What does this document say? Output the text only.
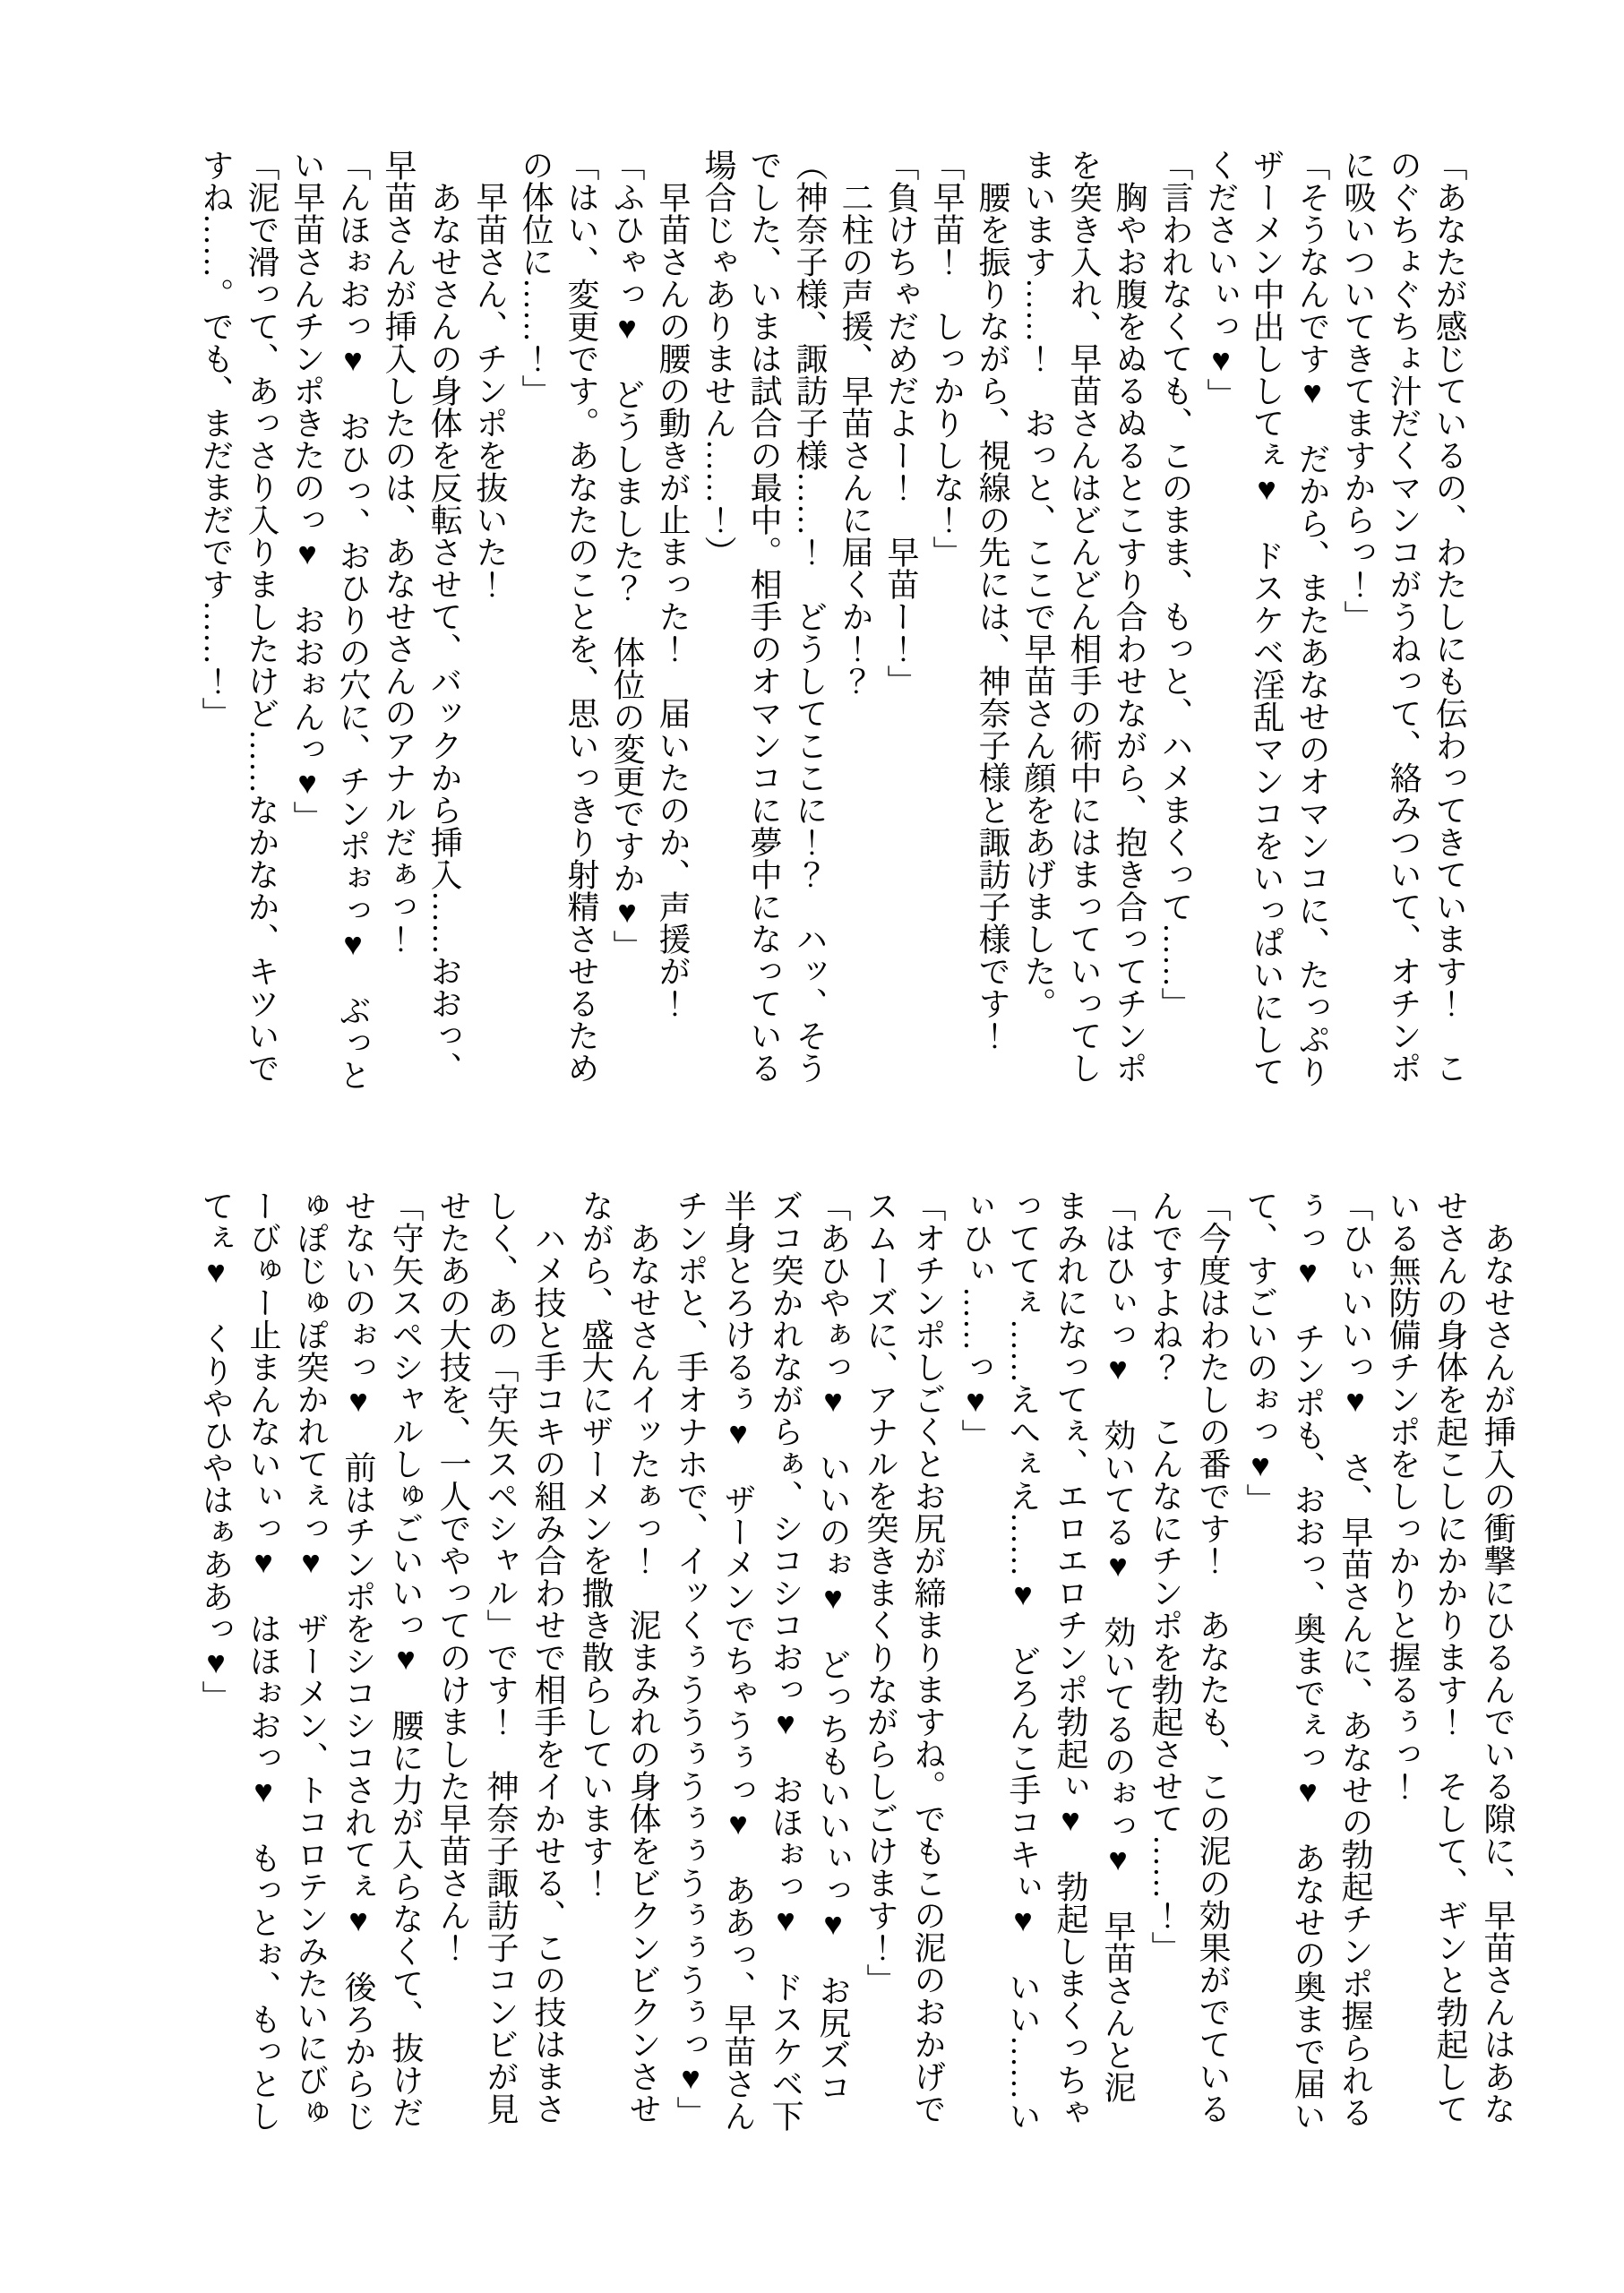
「あなたが感じているの、わたしにも伝わってきています！　このぐちょぐちょ汁だくマンコがうねって、絡みついて、オチンポに吸いついてきてますからっ！」

「そうなんです♥　だから、またあなせのオマンコに、たっぷりザーメン中出ししてぇ♥　ドスケベ淫乱マンコをいっぱいにしてくださいぃっ♥」

「言われなくても、このまま、もっと、ハメまくって……」

　胸やお腹をぬるぬるとこすり合わせながら、抱き合ってチンポを突き入れ、早苗さんはどんどん相手の術中にはまっていってしまいます……！　おっと、ここで早苗さん顔をあげました。

　腰を振りながら、視線の先には、神奈子様と諏訪子様です！

「早苗！　しっかりしな！」

「負けちゃだめだよー！　早苗ー！」

　二柱の声援、早苗さんに届くか！？

（神奈子様、諏訪子様……！　どうしてここに！？　ハッ、そうでした、いまは試合の最中。相手のオマンコに夢中になっている場合じゃありません……！）

　早苗さんの腰の動きが止まった！　届いたのか、声援が！

「ふひゃっ♥　どうしました？　体位の変更ですか♥」

「はい、変更です。あなたのことを、思いっきり射精させるための体位に……！」

　早苗さん、チンポを抜いた！

　あなせさんの身体を反転させて、バックから挿入……おおっ、早苗さんが挿入したのは、あなせさんのアナルだぁっ！

「んほぉおっ♥　おひっ、おひりの穴に、チンポぉっ♥　ぶっとい早苗さんチンポきたのっ♥　おおぉんっ♥」

「泥で滑って、あっさり入りましたけど……なかなか、キツいですね……。でも、まだまだです……！」

　あなせさんが挿入の衝撃にひるんでいる隙に、早苗さんはあなせさんの身体を起こしにかかります！　そして、ギンと勃起している無防備チンポをしっかりと握るぅっ！

「ひぃいいっ♥　さ、早苗さんに、あなせの勃起チンポ握られるぅっ♥　チンポも、おおっ、奥までぇっ♥　あなせの奥まで届いて、すごいのぉっ♥」

「今度はわたしの番です！　あなたも、この泥の効果がでているんですよね？　こんなにチンポを勃起させて……！」

「はひぃっ♥　効いてる♥　効いてるのぉっ♥　早苗さんと泥まみれになってぇ、エロエロチンポ勃起ぃ♥　勃起しまくっちゃっててぇ……えへぇえ……♥　どろんこ手コキぃ♥　いい……いぃひぃ……っ♥」

「オチンポしごくとお尻が締まりますね。でもこの泥のおかげでスムーズに、アナルを突きまくりながらしごけます！」

「あひやぁっ♥　いいのぉ♥　どっちもいいぃっ♥　お尻ズコズコ突かれながらぁ、シコシコおっ♥　おほぉっ♥　ドスケベ下半身とろけるぅ♥　ザーメンでちゃうぅっ♥　ああっ、早苗さんチンポと、手オナホで、イッくぅううぅうぅぅうぅぅうぅっ♥」

　あなせさんイッたぁっ！　泥まみれの身体をビクンビクンさせながら、盛大にザーメンを撒き散らしています！

　ハメ技と手コキの組み合わせで相手をイかせる、この技はまさしく、あの「守矢スペシャル」です！　神奈子諏訪子コンビが見せたあの大技を、一人でやってのけました早苗さん！

「守矢スペシャルしゅごいいっ♥　腰に力が入らなくて、抜けだせないのぉっ♥　前はチンポをシコシコされてぇ♥　後ろからじゅぽじゅぽ突かれてぇっ♥　ザーメン、トコロテンみたいにびゅーびゅー止まんないぃっ♥　はほぉおっ♥　もっとぉ、もっとしてぇ♥　くりやひやはぁああっ♥」
